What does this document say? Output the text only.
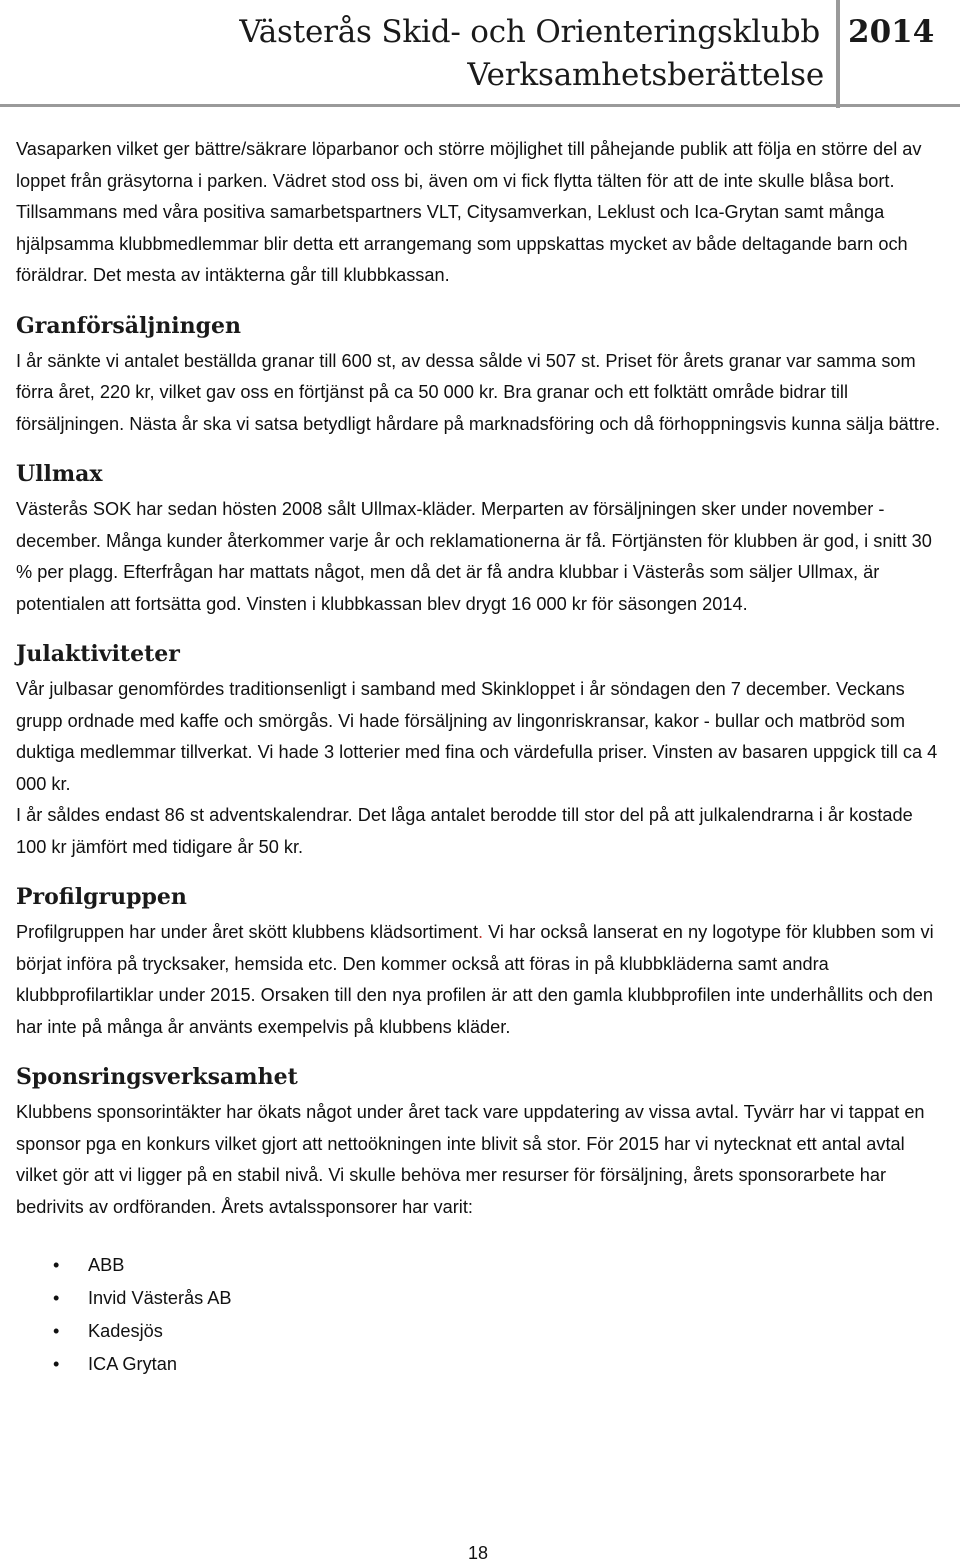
Västerås Skid- och Orienteringsklubb
Verksamhetsberättelse
2014

Vasaparken vilket ger bättre/säkrare löparbanor och större möjlighet till påhejande publik att följa en större del av loppet från gräsytorna i parken. Vädret stod oss bi, även om vi fick flytta tälten för att de inte skulle blåsa bort. Tillsammans med våra positiva samarbetspartners VLT, Citysamverkan, Leklust och Ica-Grytan samt många hjälpsamma klubbmedlemmar blir detta ett arrangemang som uppskattas mycket av både deltagande barn och föräldrar. Det mesta av intäkterna går till klubbkassan.

Granförsäljningen

I år sänkte vi antalet beställda granar till 600 st, av dessa sålde vi 507 st. Priset för årets granar var samma som förra året, 220 kr, vilket gav oss en förtjänst på ca 50 000 kr. Bra granar och ett folktätt område bidrar till försäljningen. Nästa år ska vi satsa betydligt hårdare på marknadsföring och då förhoppningsvis kunna sälja bättre.

Ullmax

Västerås SOK har sedan hösten 2008 sålt Ullmax-kläder. Merparten av försäljningen sker under november - december. Många kunder återkommer varje år och reklamationerna är få. Förtjänsten för klubben är god, i snitt 30 % per plagg. Efterfrågan har mattats något, men då det är få andra klubbar i Västerås som säljer Ullmax, är potentialen att fortsätta god. Vinsten i klubbkassan blev drygt 16 000 kr för säsongen 2014.

Julaktiviteter

Vår julbasar genomfördes traditionsenligt i samband med Skinkloppet i år söndagen den 7 december. Veckans grupp ordnade med kaffe och smörgås. Vi hade försäljning av lingonriskransar, kakor - bullar och matbröd som duktiga medlemmar tillverkat. Vi hade 3 lotterier med fina och värdefulla priser. Vinsten av basaren uppgick till ca 4 000 kr.

I år såldes endast 86 st adventskalendrar. Det låga antalet berodde till stor del på att julkalendrarna i år kostade 100 kr jämfört med tidigare år 50 kr.

Profilgruppen

Profilgruppen har under året skött klubbens klädsortiment. Vi har också lanserat en ny logotype för klubben som vi börjat införa på trycksaker, hemsida etc. Den kommer också att föras in på klubbkläderna samt andra klubbprofilartiklar under 2015. Orsaken till den nya profilen är att den gamla klubbprofilen inte underhållits och den har inte på många år använts exempelvis på klubbens kläder.

Sponsringsverksamhet

Klubbens sponsorintäkter har ökats något under året tack vare uppdatering av vissa avtal. Tyvärr har vi tappat en sponsor pga en konkurs vilket gjort att nettoökningen inte blivit så stor. För 2015 har vi nytecknat ett antal avtal vilket gör att vi ligger på en stabil nivå. Vi skulle behöva mer resurser för försäljning, årets sponsorarbete har bedrivits av ordföranden. Årets avtalssponsorer har varit:

• ABB
• Invid Västerås AB
• Kadesjös
• ICA Grytan
18
